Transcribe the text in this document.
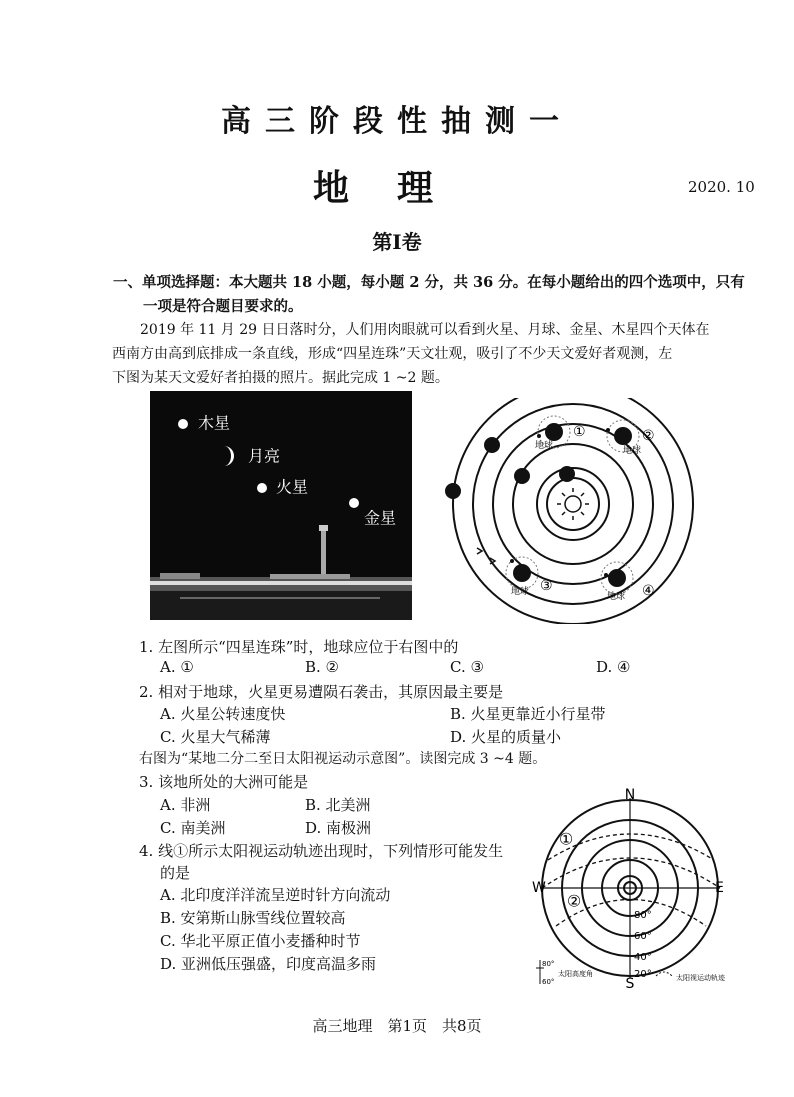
高三阶段性抽测一
地理	2020. 10
第Ⅰ卷
一、单项选择题：本大题共 18 小题，每小题 2 分，共 36 分。在每小题给出的四个选项中，只有
一项是符合题目要求的。
2019 年 11 月 29 日日落时分，人们用肉眼就可以看到火星、月球、金星、木星四个天体在
西南方由高到底排成一条直线，形成“四星连珠”天文壮观，吸引了不少天文爱好者观测，左
下图为某天文爱好者拍摄的照片。据此完成 1 ~2 题。
木星
月亮
火星
金星
①
地球
②
地球
③
地球	④
地球
1. 左图所示“四星连珠”时，地球应位于右图中的
A. ①	B. ②	C. ③	D. ④
2. 相对于地球，火星更易遭陨石袭击，其原因最主要是
A. 火星公转速度快	B. 火星更靠近小行星带
C. 火星大气稀薄	D. 火星的质量小
右图为“某地二分二至日太阳视运动示意图”。读图完成 3 ~4 题。
3. 该地所处的大洲可能是
A. 非洲	B. 北美洲
C. 南美洲	D. 南极洲
4. 线①所示太阳视运动轨迹出现时，下列情形可能发生
的是
A. 北印度洋洋流呈逆时针方向流动
B. 安第斯山脉雪线位置较高
C. 华北平原正值小麦播种时节
D. 亚洲低压强盛，印度高温多雨
N
S
W	E
①
②
80°
60°
40°
20°
80°
60°
太阳高度角	太阳视运动轨迹
高三地理　第1页　共8页
